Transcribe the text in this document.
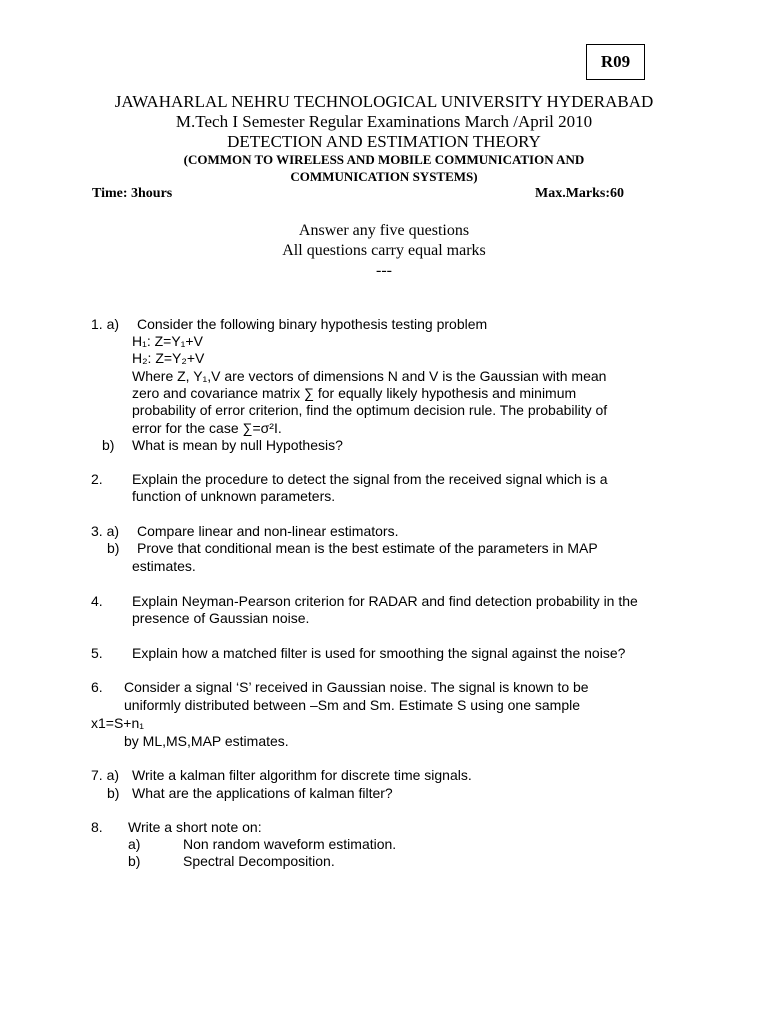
R09
JAWAHARLAL NEHRU TECHNOLOGICAL UNIVERSITY HYDERABAD
M.Tech I Semester Regular Examinations March /April 2010
DETECTION AND ESTIMATION THEORY
(COMMON TO WIRELESS AND MOBILE COMMUNICATION AND
COMMUNICATION SYSTEMS)
Time: 3hours	Max.Marks:60
Answer any five questions
All questions carry equal marks
---
1. a) Consider the following binary hypothesis testing problem
H₁: Z=Y₁+V
H₂: Z=Y₂+V
Where Z, Y₁,V are vectors of dimensions N and V is the Gaussian with mean
zero and covariance matrix ∑ for equally likely hypothesis and minimum
probability of error criterion, find the optimum decision rule. The probability of
error for the case ∑=σ²I.
b) What is mean by null Hypothesis?
2. Explain the procedure to detect the signal from the received signal which is a
function of unknown parameters.
3. a) Compare linear and non-linear estimators.
b) Prove that conditional mean is the best estimate of the parameters in MAP
estimates.
4. Explain Neyman-Pearson criterion for RADAR and find detection probability in the
presence of Gaussian noise.
5. Explain how a matched filter is used for smoothing the signal against the noise?
6. Consider a signal ‘S’ received in Gaussian noise. The signal is known to be
uniformly distributed between –Sm and Sm. Estimate S using one sample
x1=S+n₁
by ML,MS,MAP estimates.
7. a) Write a kalman filter algorithm for discrete time signals.
b) What are the applications of kalman filter?
8. Write a short note on:
a)	Non random waveform estimation.
b)	Spectral Decomposition.
